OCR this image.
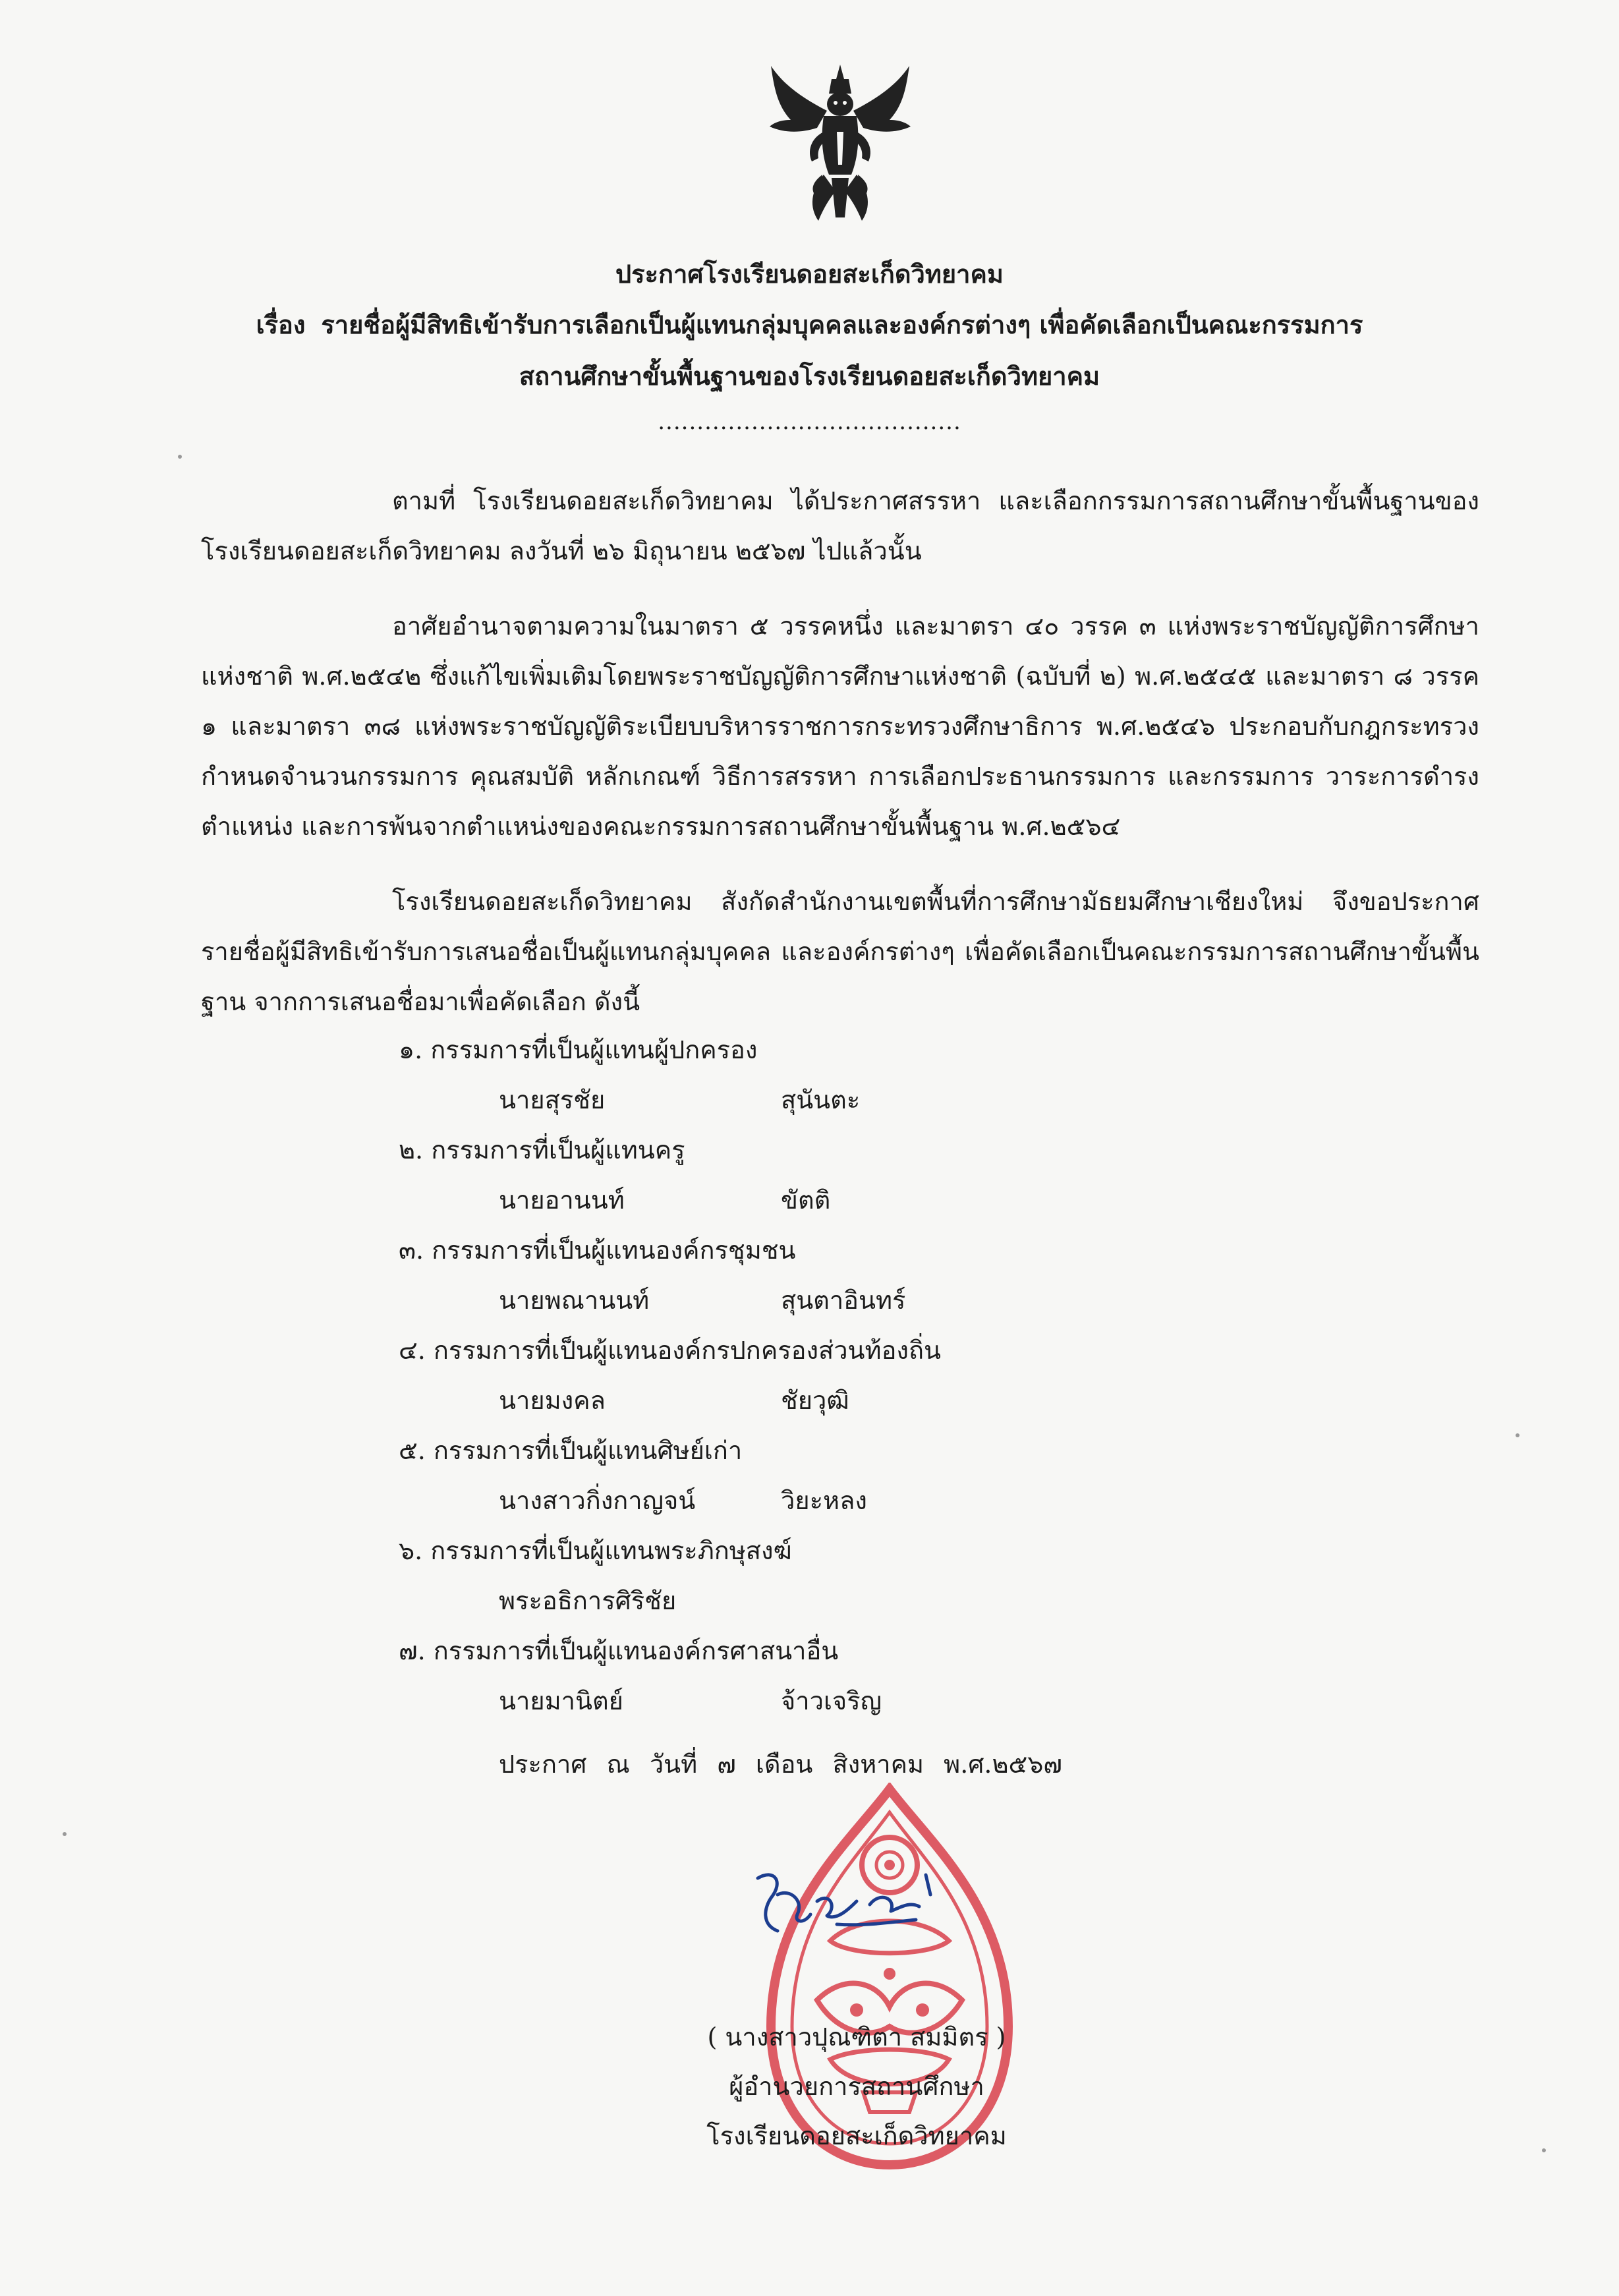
ประกาศโรงเรียนดอยสะเก็ดวิทยาคม
เรื่อง รายชื่อผู้มีสิทธิเข้ารับการเลือกเป็นผู้แทนกลุ่มบุคคลและองค์กรต่างๆ เพื่อคัดเลือกเป็นคณะกรรมการ
สถานศึกษาขั้นพื้นฐานของโรงเรียนดอยสะเก็ดวิทยาคม
.......................................

ตามที่ โรงเรียนดอยสะเก็ดวิทยาคม ได้ประกาศสรรหา และเลือกกรรมการสถานศึกษาขั้นพื้นฐานของโรงเรียนดอยสะเก็ดวิทยาคม ลงวันที่ ๒๖ มิถุนายน ๒๕๖๗ ไปแล้วนั้น

อาศัยอำนาจตามความในมาตรา ๕ วรรคหนึ่ง และมาตรา ๔๐ วรรค ๓ แห่งพระราชบัญญัติการศึกษาแห่งชาติ พ.ศ.๒๕๔๒ ซึ่งแก้ไขเพิ่มเติมโดยพระราชบัญญัติการศึกษาแห่งชาติ (ฉบับที่ ๒) พ.ศ.๒๕๔๕ และมาตรา ๘ วรรค ๑ และมาตรา ๓๘ แห่งพระราชบัญญัติระเบียบบริหารราชการกระทรวงศึกษาธิการ พ.ศ.๒๕๔๖ ประกอบกับกฎกระทรวงกำหนดจำนวนกรรมการ คุณสมบัติ หลักเกณฑ์ วิธีการสรรหา การเลือกประธานกรรมการ และกรรมการ วาระการดำรงตำแหน่ง และการพ้นจากตำแหน่งของคณะกรรมการสถานศึกษาขั้นพื้นฐาน พ.ศ.๒๕๖๔

โรงเรียนดอยสะเก็ดวิทยาคม สังกัดสำนักงานเขตพื้นที่การศึกษามัธยมศึกษาเชียงใหม่ จึงขอประกาศรายชื่อผู้มีสิทธิเข้ารับการเสนอชื่อเป็นผู้แทนกลุ่มบุคคล และองค์กรต่างๆ เพื่อคัดเลือกเป็นคณะกรรมการสถานศึกษาขั้นพื้นฐาน จากการเสนอชื่อมาเพื่อคัดเลือก ดังนี้

๑. กรรมการที่เป็นผู้แทนผู้ปกครอง
นายสุรชัย	สุนันตะ
๒. กรรมการที่เป็นผู้แทนครู
นายอานนท์	ขัตติ
๓. กรรมการที่เป็นผู้แทนองค์กรชุมชน
นายพณานนท์	สุนตาอินทร์
๔. กรรมการที่เป็นผู้แทนองค์กรปกครองส่วนท้องถิ่น
นายมงคล	ชัยวุฒิ
๕. กรรมการที่เป็นผู้แทนศิษย์เก่า
นางสาวกิ่งกาญจน์	วิยะหลง
๖. กรรมการที่เป็นผู้แทนพระภิกษุสงฆ์
พระอธิการศิริชัย
๗. กรรมการที่เป็นผู้แทนองค์กรศาสนาอื่น
นายมานิตย์	จ้าวเจริญ
ประกาศ ณ วันที่ ๗ เดือน สิงหาคม พ.ศ.๒๕๖๗
( นางสาวปุณฑิตา สมมิตร )
ผู้อำนวยการสถานศึกษา
โรงเรียนดอยสะเก็ดวิทยาคม
